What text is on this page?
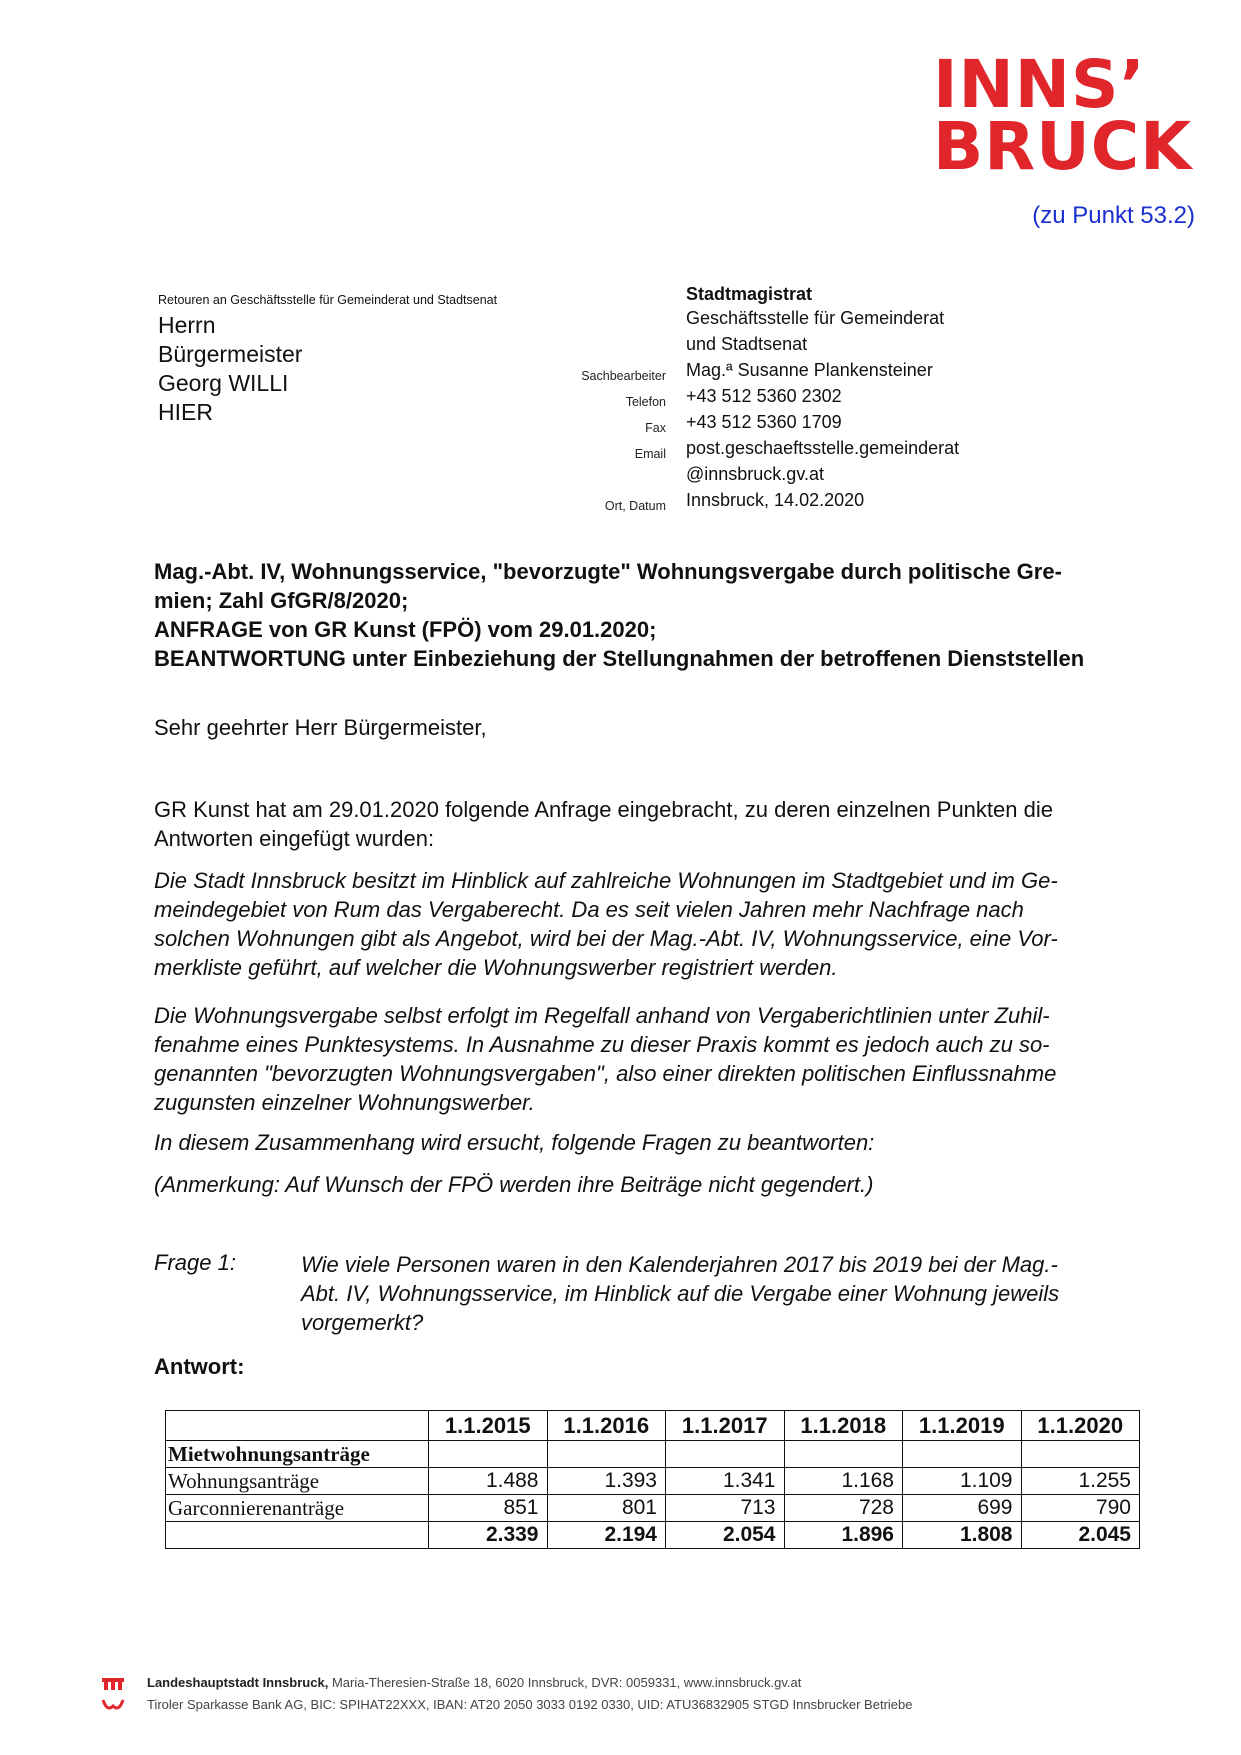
INNS’
BRUCK
(zu Punkt 53.2)
Retouren an Geschäftsstelle für Gemeinderat und Stadtsenat
Herrn
Bürgermeister
Georg WILLI
HIER
Stadtmagistrat
Geschäftsstelle für Gemeinderat
und Stadtsenat
Sachbearbeiter Mag.ª Susanne Plankensteiner
Telefon +43 512 5360 2302
Fax +43 512 5360 1709
Email post.geschaeftsstelle.gemeinderat
@innsbruck.gv.at
Ort, Datum Innsbruck, 14.02.2020
Mag.-Abt. IV, Wohnungsservice, "bevorzugte" Wohnungsvergabe durch politische Gre-
mien; Zahl GfGR/8/2020;
ANFRAGE von GR Kunst (FPÖ) vom 29.01.2020;
BEANTWORTUNG unter Einbeziehung der Stellungnahmen der betroffenen Dienststellen
Sehr geehrter Herr Bürgermeister,
GR Kunst hat am 29.01.2020 folgende Anfrage eingebracht, zu deren einzelnen Punkten die
Antworten eingefügt wurden:
Die Stadt Innsbruck besitzt im Hinblick auf zahlreiche Wohnungen im Stadtgebiet und im Ge-
meindegebiet von Rum das Vergaberecht. Da es seit vielen Jahren mehr Nachfrage nach
solchen Wohnungen gibt als Angebot, wird bei der Mag.-Abt. IV, Wohnungsservice, eine Vor-
merkliste geführt, auf welcher die Wohnungswerber registriert werden.
Die Wohnungsvergabe selbst erfolgt im Regelfall anhand von Vergaberichtlinien unter Zuhil-
fenahme eines Punktesystems. In Ausnahme zu dieser Praxis kommt es jedoch auch zu so-
genannten "bevorzugten Wohnungsvergaben", also einer direkten politischen Einflussnahme
zugunsten einzelner Wohnungswerber.
In diesem Zusammenhang wird ersucht, folgende Fragen zu beantworten:
(Anmerkung: Auf Wunsch der FPÖ werden ihre Beiträge nicht gegendert.)
Frage 1:	Wie viele Personen waren in den Kalenderjahren 2017 bis 2019 bei der Mag.-
Abt. IV, Wohnungsservice, im Hinblick auf die Vergabe einer Wohnung jeweils
vorgemerkt?
Antwort:
	1.1.2015	1.1.2016	1.1.2017	1.1.2018	1.1.2019	1.1.2020
Mietwohnungsanträge						
Wohnungsanträge	1.488	1.393	1.341	1.168	1.109	1.255
Garconnierenanträge	851	801	713	728	699	790
	2.339	2.194	2.054	1.896	1.808	2.045
Landeshauptstadt Innsbruck, Maria-Theresien-Straße 18, 6020 Innsbruck, DVR: 0059331, www.innsbruck.gv.at
Tiroler Sparkasse Bank AG, BIC: SPIHAT22XXX, IBAN: AT20 2050 3033 0192 0330, UID: ATU36832905 STGD Innsbrucker Betriebe
